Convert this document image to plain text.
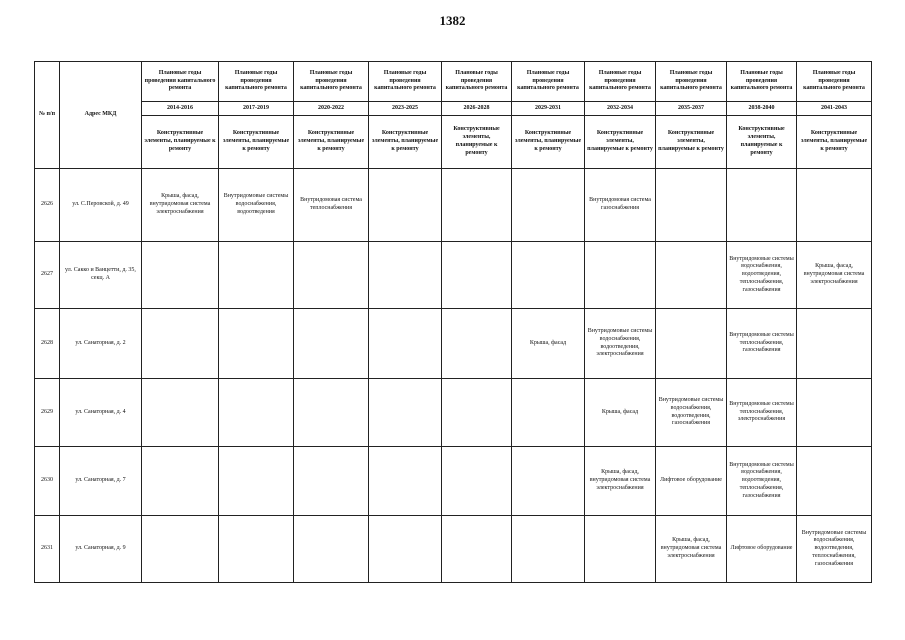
1382
№ п/п	Адрес МКД	Плановые годы проведения капитального ремонта	Плановые годы проведения капитального ремонта	Плановые годы проведения капитального ремонта	Плановые годы проведения капитального ремонта	Плановые годы проведения капитального ремонта	Плановые годы проведения капитального ремонта	Плановые годы проведения капитального ремонта	Плановые годы проведения капитального ремонта	Плановые годы проведения капитального ремонта	Плановые годы проведения капитального ремонта
		2014-2016	2017-2019	2020-2022	2023-2025	2026-2028	2029-2031	2032-2034	2035-2037	2038-2040	2041-2043
		Конструктивные элементы, планируемые к ремонту	Конструктивные элементы, планируемые к ремонту	Конструктивные элементы, планируемые к ремонту	Конструктивные элементы, планируемые к ремонту	Конструктивные элементы, планируемые к ремонту	Конструктивные элементы, планируемые к ремонту	Конструктивные элементы, планируемые к ремонту	Конструктивные элементы, планируемые к ремонту	Конструктивные элементы, планируемые к ремонту	Конструктивные элементы, планируемые к ремонту
2626	ул. С.Перовской, д. 49	Крыша, фасад, внутридомовая система электроснабжения	Внутридомовые системы водоснабжения, водоотведения	Внутридомовая система теплоснабжения				Внутридомовая система газоснабжения			
2627	ул. Сакко и Ванцетти, д. 35, секц. А									Внутридомовые системы водоснабжения, водоотведения, теплоснабжения, газоснабжения	Крыша, фасад, внутридомовая система электроснабжения
2628	ул. Санаторная, д. 2						Крыша, фасад	Внутридомовые системы водоснабжения, водоотведения, электроснабжения		Внутридомовые системы теплоснабжения, газоснабжения	
2629	ул. Санаторная, д. 4							Крыша, фасад	Внутридомовые системы водоснабжения, водоотведения, газоснабжения	Внутридомовые системы теплоснабжения, электроснабжения	
2630	ул. Санаторная, д. 7							Крыша, фасад, внутридомовая система электроснабжения	Лифтовое оборудование	Внутридомовые системы водоснабжения, водоотведения, теплоснабжения, газоснабжения	
2631	ул. Санаторная, д. 9								Крыша, фасад, внутридомовая система электроснабжения	Лифтовое оборудование	Внутридомовые системы водоснабжения, водоотведения, теплоснабжения, газоснабжения
